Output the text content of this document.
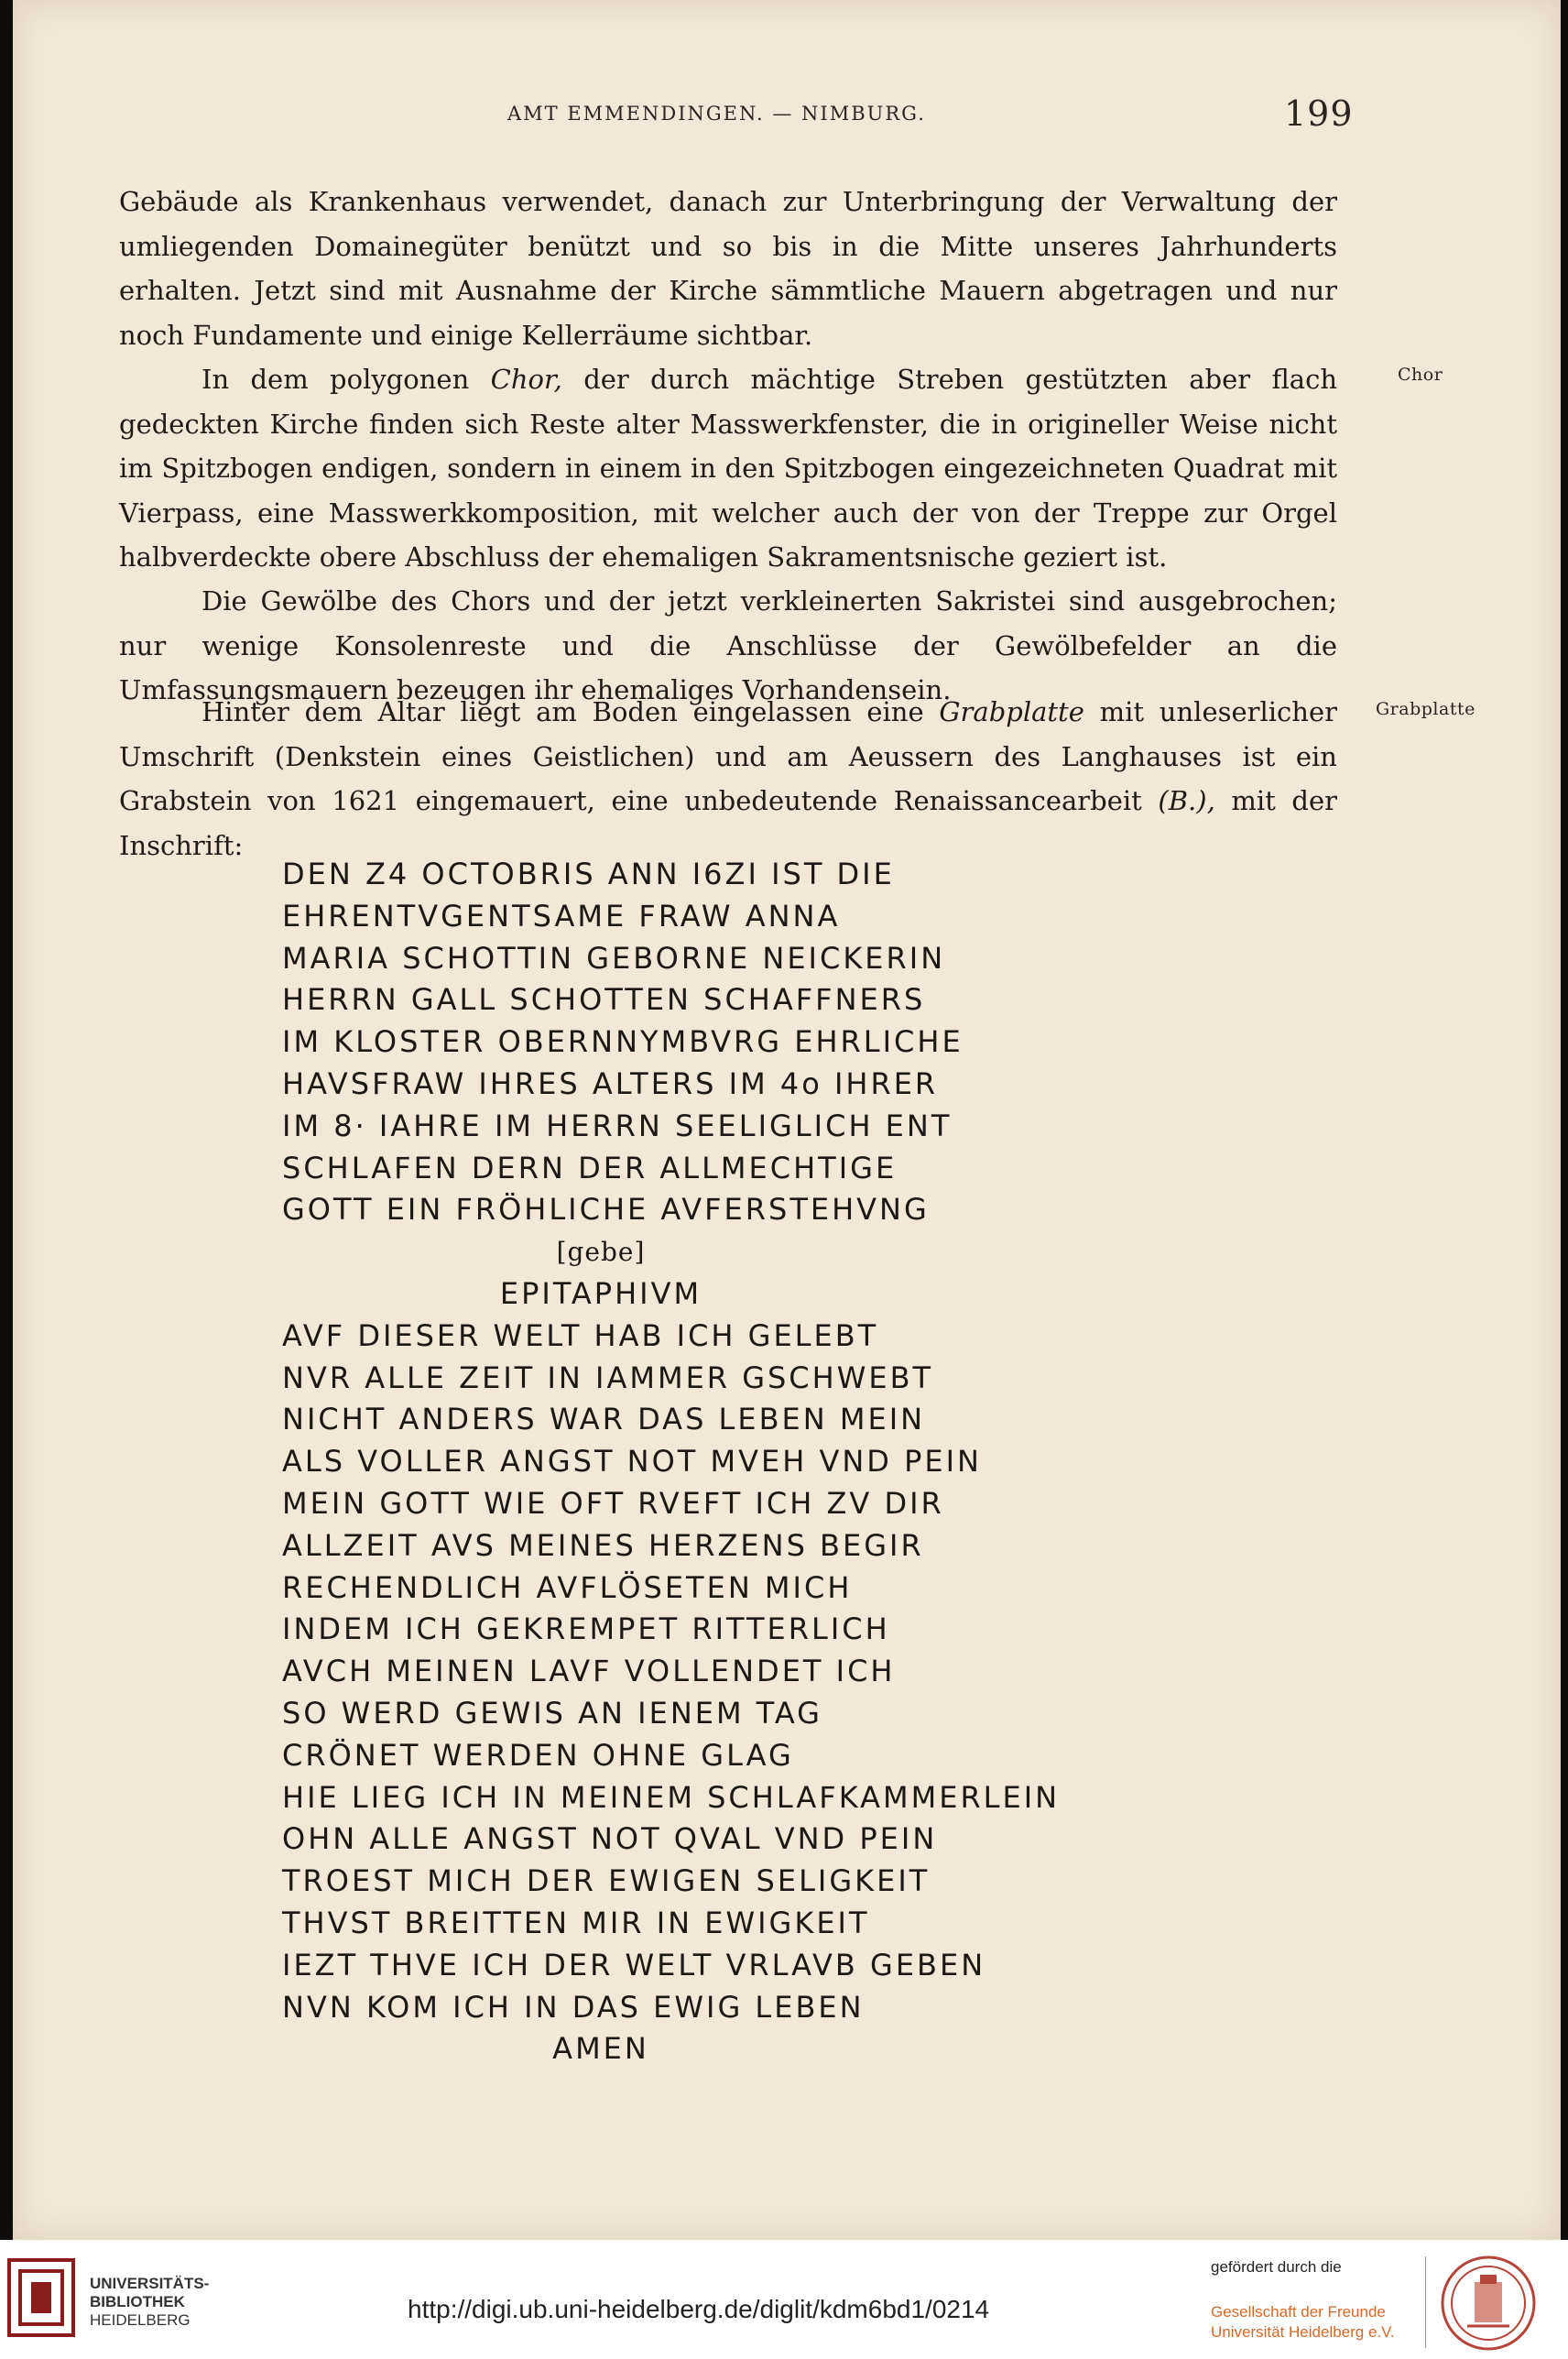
AMT EMMENDINGEN. — NIMBURG.	199

Gebäude als Krankenhaus verwendet, danach zur Unterbringung der Verwaltung der umliegenden Domainegüter benützt und so bis in die Mitte unseres Jahrhunderts erhalten. Jetzt sind mit Ausnahme der Kirche sämmtliche Mauern abgetragen und nur noch Fundamente und einige Kellerräume sichtbar.

In dem polygonen Chor, der durch mächtige Streben gestützten aber flach gedeckten Kirche finden sich Reste alter Masswerkfenster, die in origineller Weise nicht im Spitzbogen endigen, sondern in einem in den Spitzbogen eingezeichneten Quadrat mit Vierpass, eine Masswerkkomposition, mit welcher auch der von der Treppe zur Orgel halbverdeckte obere Abschluss der ehemaligen Sakramentsnische geziert ist.

Chor

Die Gewölbe des Chors und der jetzt verkleinerten Sakristei sind ausgebrochen; nur wenige Konsolenreste und die Anschlüsse der Gewölbefelder an die Umfassungsmauern bezeugen ihr ehemaliges Vorhandensein.

Hinter dem Altar liegt am Boden eingelassen eine Grabplatte mit unleserlicher Umschrift (Denkstein eines Geistlichen) und am Aeussern des Langhauses ist ein Grabstein von 1621 eingemauert, eine unbedeutende Renaissancearbeit (B.), mit der Inschrift:

Grabplatte
DEN Z4 OCTOBRIS ANN I6ZI IST DIE
EHRENTVGENTSAME FRAW ANNA
MARIA SCHOTTIN GEBORNE NEICKERIN
HERRN GALL SCHOTTEN SCHAFFNERS
IM KLOSTER OBERNNYMBVRG EHRLICHE
HAVSFRAW IHRES ALTERS IM 4o IHRER
IM 8· IAHRE IM HERRN SEELIGLICH ENT
SCHLAFEN DERN DER ALLMECHTIGE
GOTT EIN FRÖHLICHE AVFERSTEHVNG
[gebe]
EPITAPHIVM
AVF DIESER WELT HAB ICH GELEBT
NVR ALLE ZEIT IN IAMMER GSCHWEBT
NICHT ANDERS WAR DAS LEBEN MEIN
ALS VOLLER ANGST NOT MVEH VND PEIN
MEIN GOTT WIE OFT RVEFT ICH ZV DIR
ALLZEIT AVS MEINES HERZENS BEGIR
RECHENDLICH AVFLÖSETEN MICH
INDEM ICH GEKREMPET RITTERLICH
AVCH MEINEN LAVF VOLLENDET ICH
SO WERD GEWIS AN IENEM TAG
CRÖNET WERDEN OHNE GLAG
HIE LIEG ICH IN MEINEM SCHLAFKAMMERLEIN
OHN ALLE ANGST NOT QVAL VND PEIN
TROEST MICH DER EWIGEN SELIGKEIT
THVST BREITTEN MIR IN EWIGKEIT
IEZT THVE ICH DER WELT VRLAVB GEBEN
NVN KOM ICH IN DAS EWIG LEBEN
AMEN
UNIVERSITÄTS-
BIBLIOTHEK
HEIDELBERG	http://digi.ub.uni-heidelberg.de/diglit/kdm6bd1/0214
gefördert durch die
Gesellschaft der Freunde
Universität Heidelberg e.V.
